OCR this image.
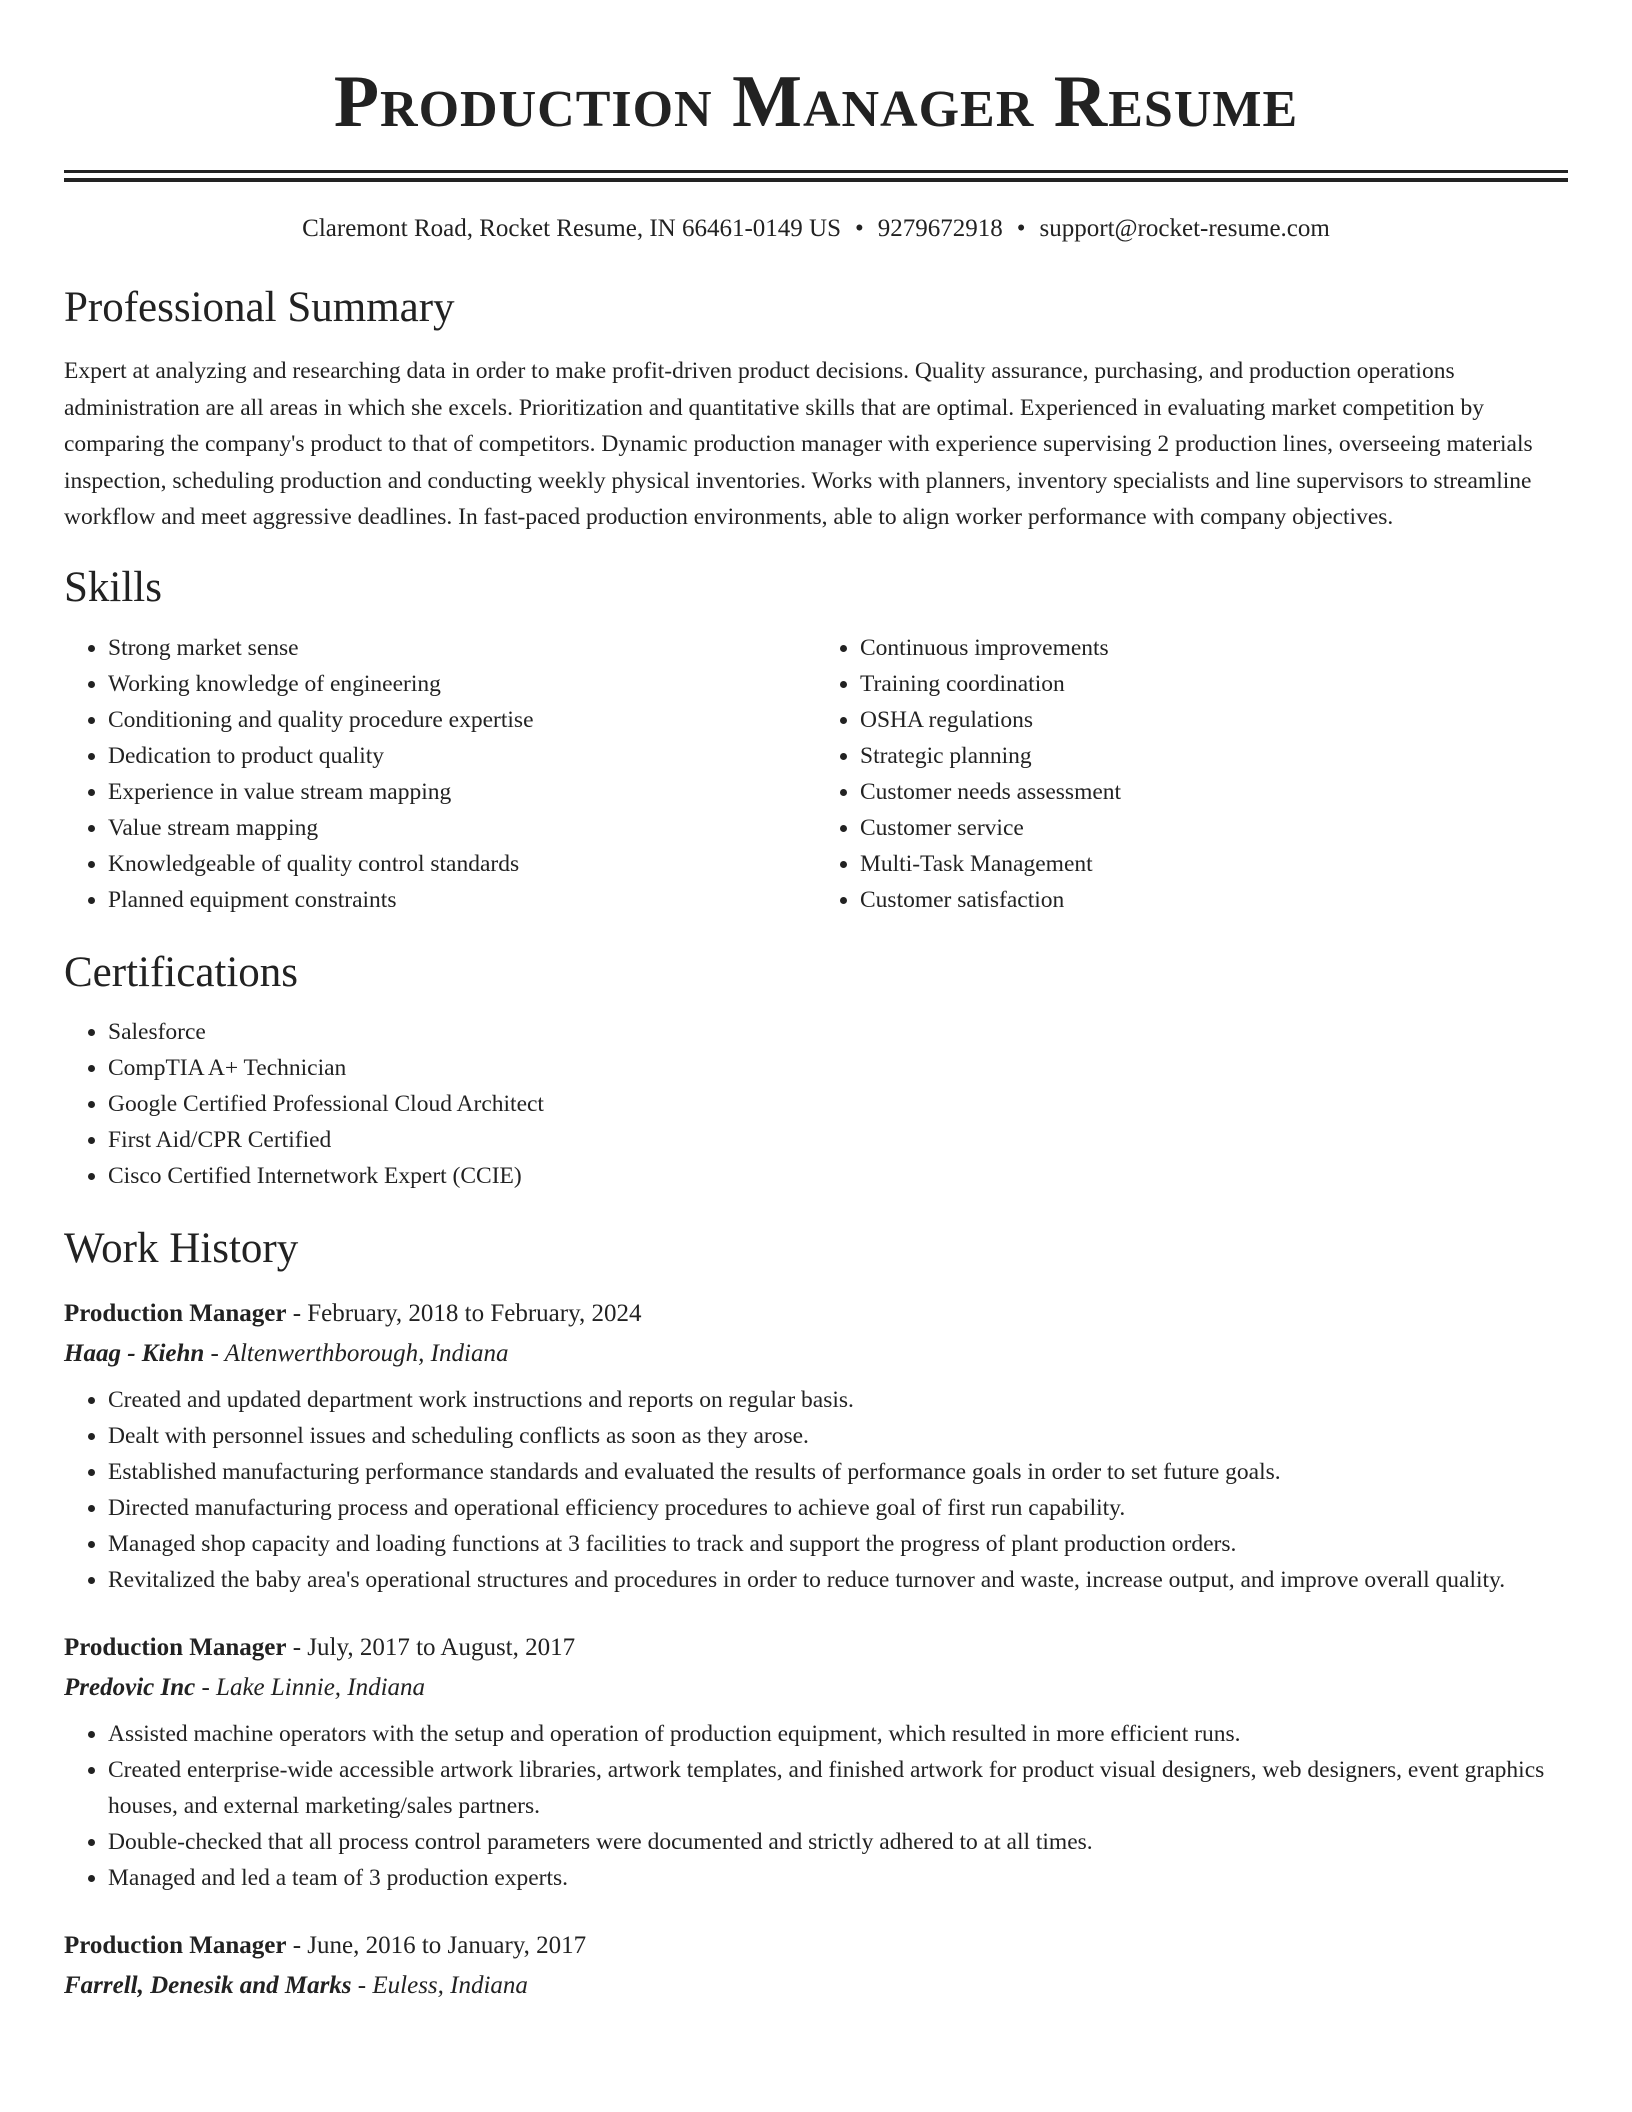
Production Manager Resume
Claremont Road, Rocket Resume, IN 66461-0149 US • 9279672918 • support@rocket-resume.com
Professional Summary

Expert at analyzing and researching data in order to make profit-driven product decisions. Quality assurance, purchasing, and production operations administration are all areas in which she excels. Prioritization and quantitative skills that are optimal. Experienced in evaluating market competition by comparing the company's product to that of competitors. Dynamic production manager with experience supervising 2 production lines, overseeing materials inspection, scheduling production and conducting weekly physical inventories. Works with planners, inventory specialists and line supervisors to streamline workflow and meet aggressive deadlines. In fast-paced production environments, able to align worker performance with company objectives.

Skills
• Strong market sense
• Working knowledge of engineering
• Conditioning and quality procedure expertise
• Dedication to product quality
• Experience in value stream mapping
• Value stream mapping
• Knowledgeable of quality control standards
• Planned equipment constraints
• Continuous improvements
• Training coordination
• OSHA regulations
• Strategic planning
• Customer needs assessment
• Customer service
• Multi-Task Management
• Customer satisfaction
Certifications
• Salesforce
• CompTIA A+ Technician
• Google Certified Professional Cloud Architect
• First Aid/CPR Certified
• Cisco Certified Internetwork Expert (CCIE)
Work History
Production Manager - February, 2018 to February, 2024
Haag - Kiehn - Altenwerthborough, Indiana
• Created and updated department work instructions and reports on regular basis.
• Dealt with personnel issues and scheduling conflicts as soon as they arose.
• Established manufacturing performance standards and evaluated the results of performance goals in order to set future goals.
• Directed manufacturing process and operational efficiency procedures to achieve goal of first run capability.
• Managed shop capacity and loading functions at 3 facilities to track and support the progress of plant production orders.
• Revitalized the baby area's operational structures and procedures in order to reduce turnover and waste, increase output, and improve overall quality.
Production Manager - July, 2017 to August, 2017
Predovic Inc - Lake Linnie, Indiana
• Assisted machine operators with the setup and operation of production equipment, which resulted in more efficient runs.
• Created enterprise-wide accessible artwork libraries, artwork templates, and finished artwork for product visual designers, web designers, event graphics houses, and external marketing/sales partners.
• Double-checked that all process control parameters were documented and strictly adhered to at all times.
• Managed and led a team of 3 production experts.
Production Manager - June, 2016 to January, 2017
Farrell, Denesik and Marks - Euless, Indiana
